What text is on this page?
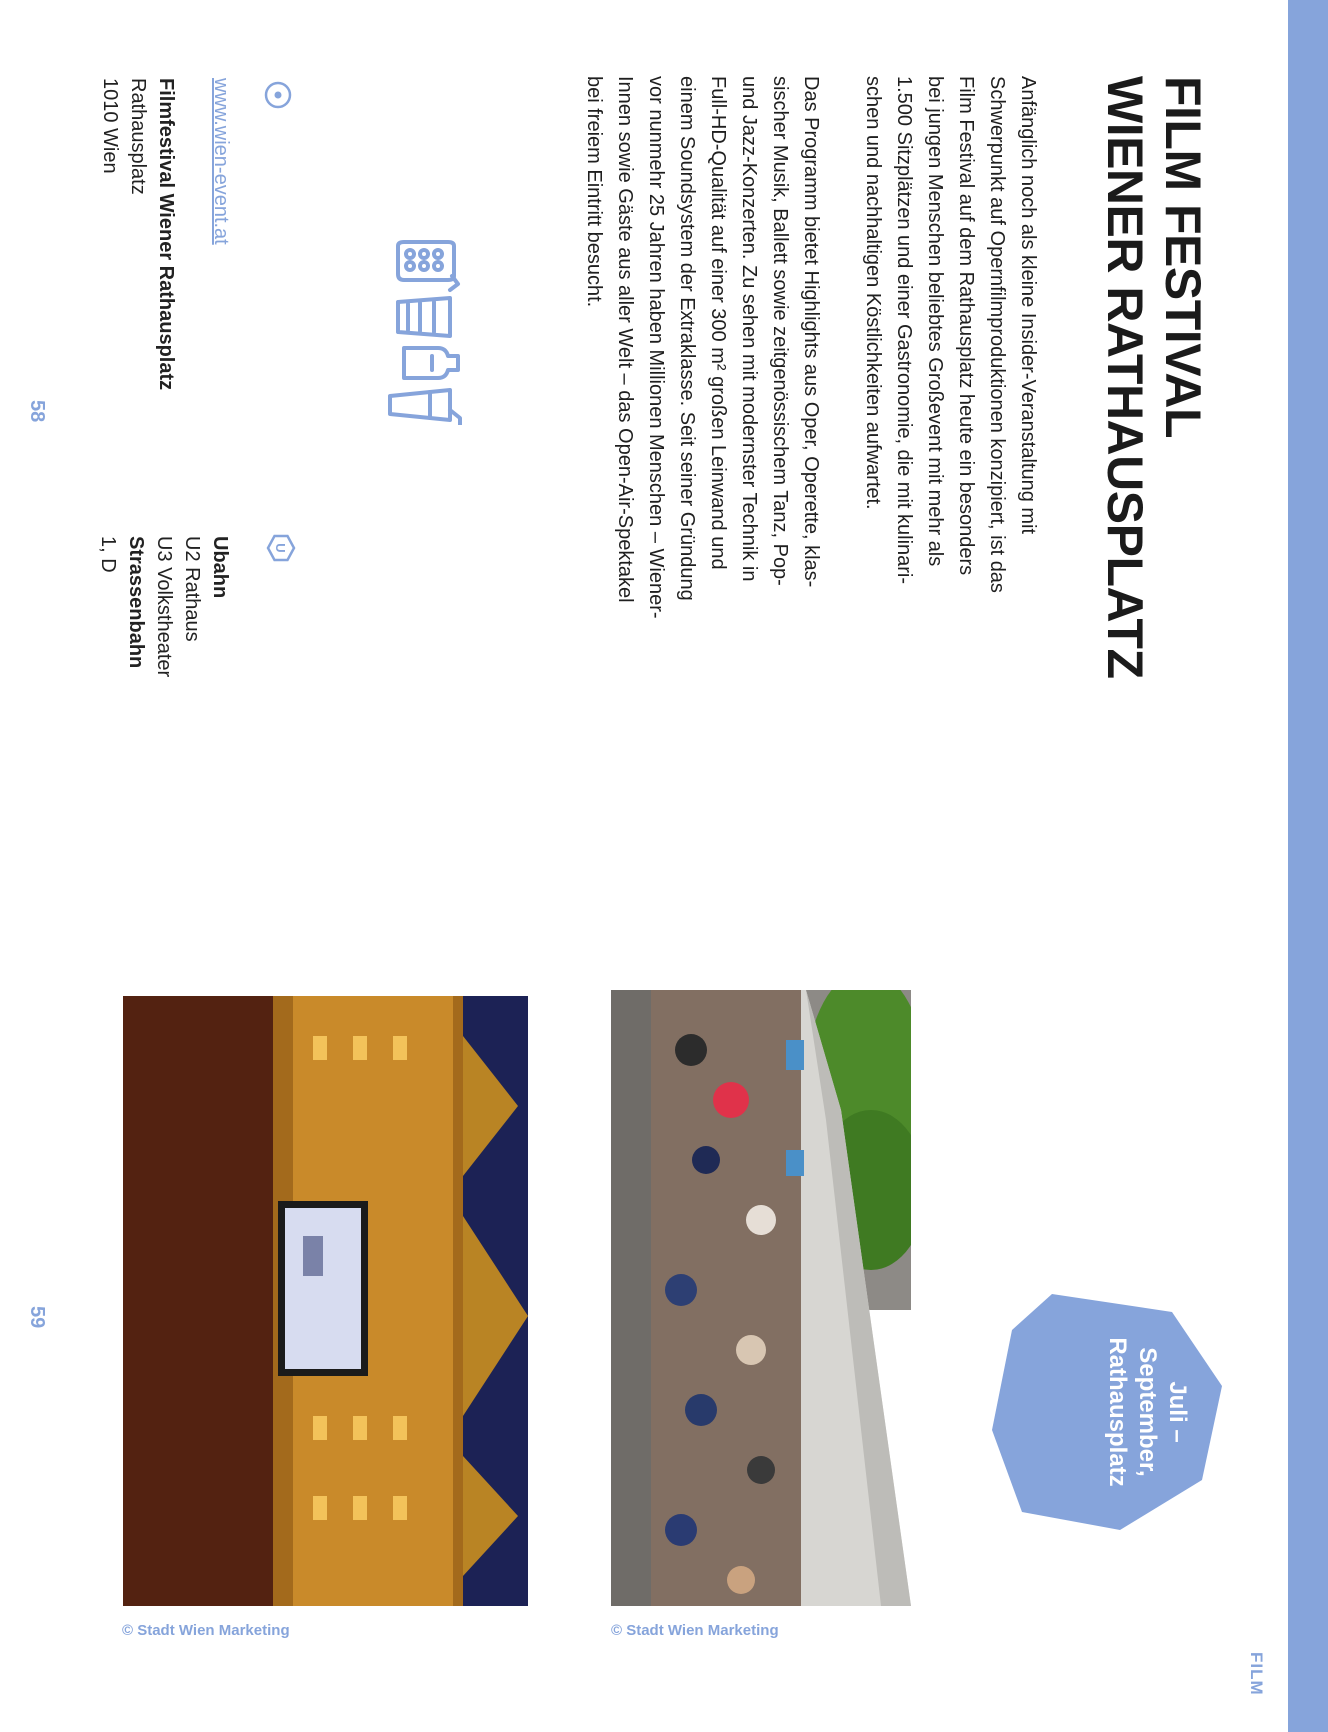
FILM
FILM FESTIVAL
WIENER RATHAUSPLATZ
Anfänglich noch als kleine Insider-Veranstaltung mit
Schwerpunkt auf Opernfilmproduktionen konzipiert, ist das
Film Festival auf dem Rathausplatz heute ein besonders
bei jungen Menschen beliebtes Großevent mit mehr als
1.500 Sitzplätzen und einer Gastronomie, die mit kulinari-
schen und nachhaltigen Köstlichkeiten aufwartet.
Das Programm bietet Highlights aus Oper, Operette, klas-
sischer Musik, Ballett sowie zeitgenössischem Tanz, Pop-
und Jazz-Konzerten. Zu sehen mit modernster Technik in
Full-HD-Qualität auf einer 300 m² großen Leinwand und
einem Soundsystem der Extraklasse. Seit seiner Gründung
vor nunmehr 25 Jahren haben Millionen Menschen – Wiener-
Innen sowie Gäste aus aller Welt – das Open-Air-Spektakel
bei freiem Eintritt besucht.
www.wien-event.at
Filmfestival Wiener Rathausplatz
Rathausplatz
1010 Wien
U
Ubahn
U2 Rathaus
U3 Volkstheater
Strassenbahn
1, D
58
59
Juli –
September,
Rathausplatz
© Stadt Wien Marketing	© Stadt Wien Marketing
